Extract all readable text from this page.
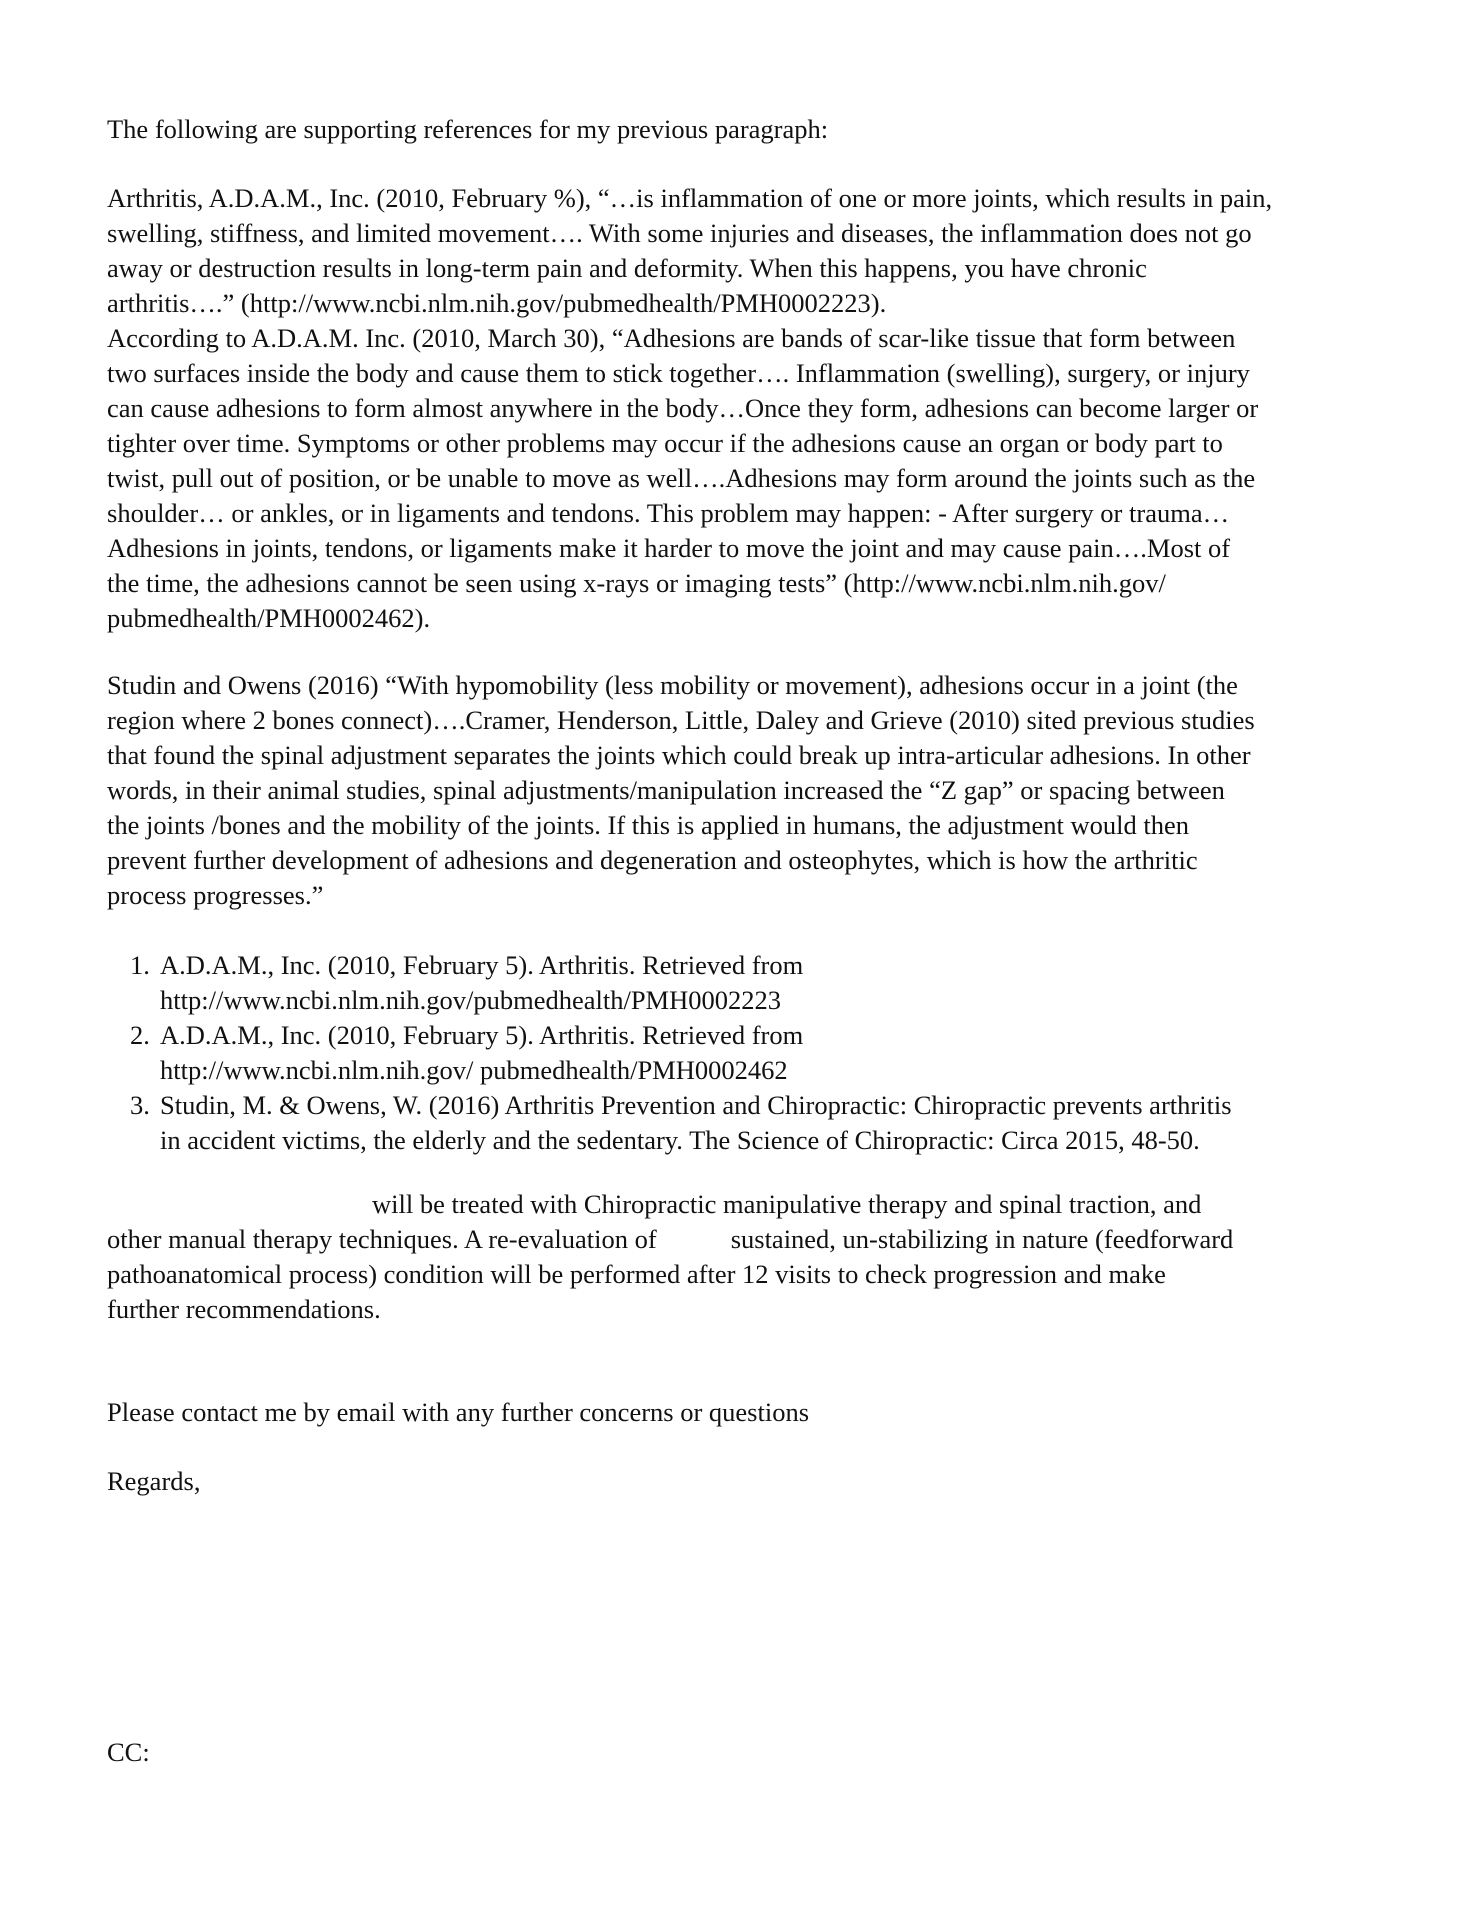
The following are supporting references for my previous paragraph:

Arthritis, A.D.A.M., Inc. (2010, February %), “…is inflammation of one or more joints, which results in pain,
swelling, stiffness, and limited movement…. With some injuries and diseases, the inflammation does not go
away or destruction results in long-term pain and deformity. When this happens, you have chronic
arthritis….” (http://www.ncbi.nlm.nih.gov/pubmedhealth/PMH0002223).
According to A.D.A.M. Inc. (2010, March 30), “Adhesions are bands of scar-like tissue that form between
two surfaces inside the body and cause them to stick together…. Inflammation (swelling), surgery, or injury
can cause adhesions to form almost anywhere in the body…Once they form, adhesions can become larger or
tighter over time. Symptoms or other problems may occur if the adhesions cause an organ or body part to
twist, pull out of position, or be unable to move as well….Adhesions may form around the joints such as the
shoulder… or ankles, or in ligaments and tendons. This problem may happen: - After surgery or trauma…
Adhesions in joints, tendons, or ligaments make it harder to move the joint and may cause pain….Most of
the time, the adhesions cannot be seen using x-rays or imaging tests” (http://www.ncbi.nlm.nih.gov/
pubmedhealth/PMH0002462).
Studin and Owens (2016) “With hypomobility (less mobility or movement), adhesions occur in a joint (the
region where 2 bones connect)….Cramer, Henderson, Little, Daley and Grieve (2010) sited previous studies
that found the spinal adjustment separates the joints which could break up intra-articular adhesions. In other
words, in their animal studies, spinal adjustments/manipulation increased the “Z gap” or spacing between
the joints /bones and the mobility of the joints. If this is applied in humans, the adjustment would then
prevent further development of adhesions and degeneration and osteophytes, which is how the arthritic
process progresses.”
1. A.D.A.M., Inc. (2010, February 5). Arthritis. Retrieved from
http://www.ncbi.nlm.nih.gov/pubmedhealth/PMH0002223
2. A.D.A.M., Inc. (2010, February 5). Arthritis. Retrieved from
http://www.ncbi.nlm.nih.gov/ pubmedhealth/PMH0002462
3. Studin, M. & Owens, W. (2016) Arthritis Prevention and Chiropractic: Chiropractic prevents arthritis
in accident victims, the elderly and the sedentary. The Science of Chiropractic: Circa 2015, 48-50.
will be treated with Chiropractic manipulative therapy and spinal traction, and
other manual therapy techniques. A re-evaluation of	sustained, un-stabilizing in nature (feedforward
pathoanatomical process) condition will be performed after 12 visits to check progression and make
further recommendations.

Please contact me by email with any further concerns or questions

Regards,

CC:
